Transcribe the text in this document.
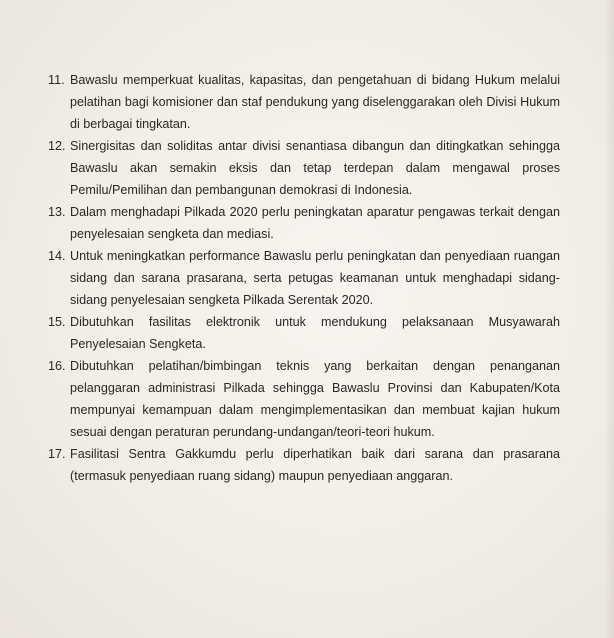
11. Bawaslu memperkuat kualitas, kapasitas, dan pengetahuan di bidang Hukum melalui pelatihan bagi komisioner dan staf pendukung yang diselenggarakan oleh Divisi Hukum di berbagai tingkatan.
12. Sinergisitas dan soliditas antar divisi senantiasa dibangun dan ditingkatkan sehingga Bawaslu akan semakin eksis dan tetap terdepan dalam mengawal proses Pemilu/Pemilihan dan pembangunan demokrasi di Indonesia.
13. Dalam menghadapi Pilkada 2020 perlu peningkatan aparatur pengawas terkait dengan penyelesaian sengketa dan mediasi.
14. Untuk meningkatkan performance Bawaslu perlu peningkatan dan penyediaan ruangan sidang dan sarana prasarana, serta petugas keamanan untuk menghadapi sidang-sidang penyelesaian sengketa Pilkada Serentak 2020.
15. Dibutuhkan fasilitas elektronik untuk mendukung pelaksanaan Musyawarah Penyelesaian Sengketa.
16. Dibutuhkan pelatihan/bimbingan teknis yang berkaitan dengan penanganan pelanggaran administrasi Pilkada sehingga Bawaslu Provinsi dan Kabupaten/Kota mempunyai kemampuan dalam mengimplementasikan dan membuat kajian hukum sesuai dengan peraturan perundang-undangan/teori-teori hukum.
17. Fasilitasi Sentra Gakkumdu perlu diperhatikan baik dari sarana dan prasarana (termasuk penyediaan ruang sidang) maupun penyediaan anggaran.
